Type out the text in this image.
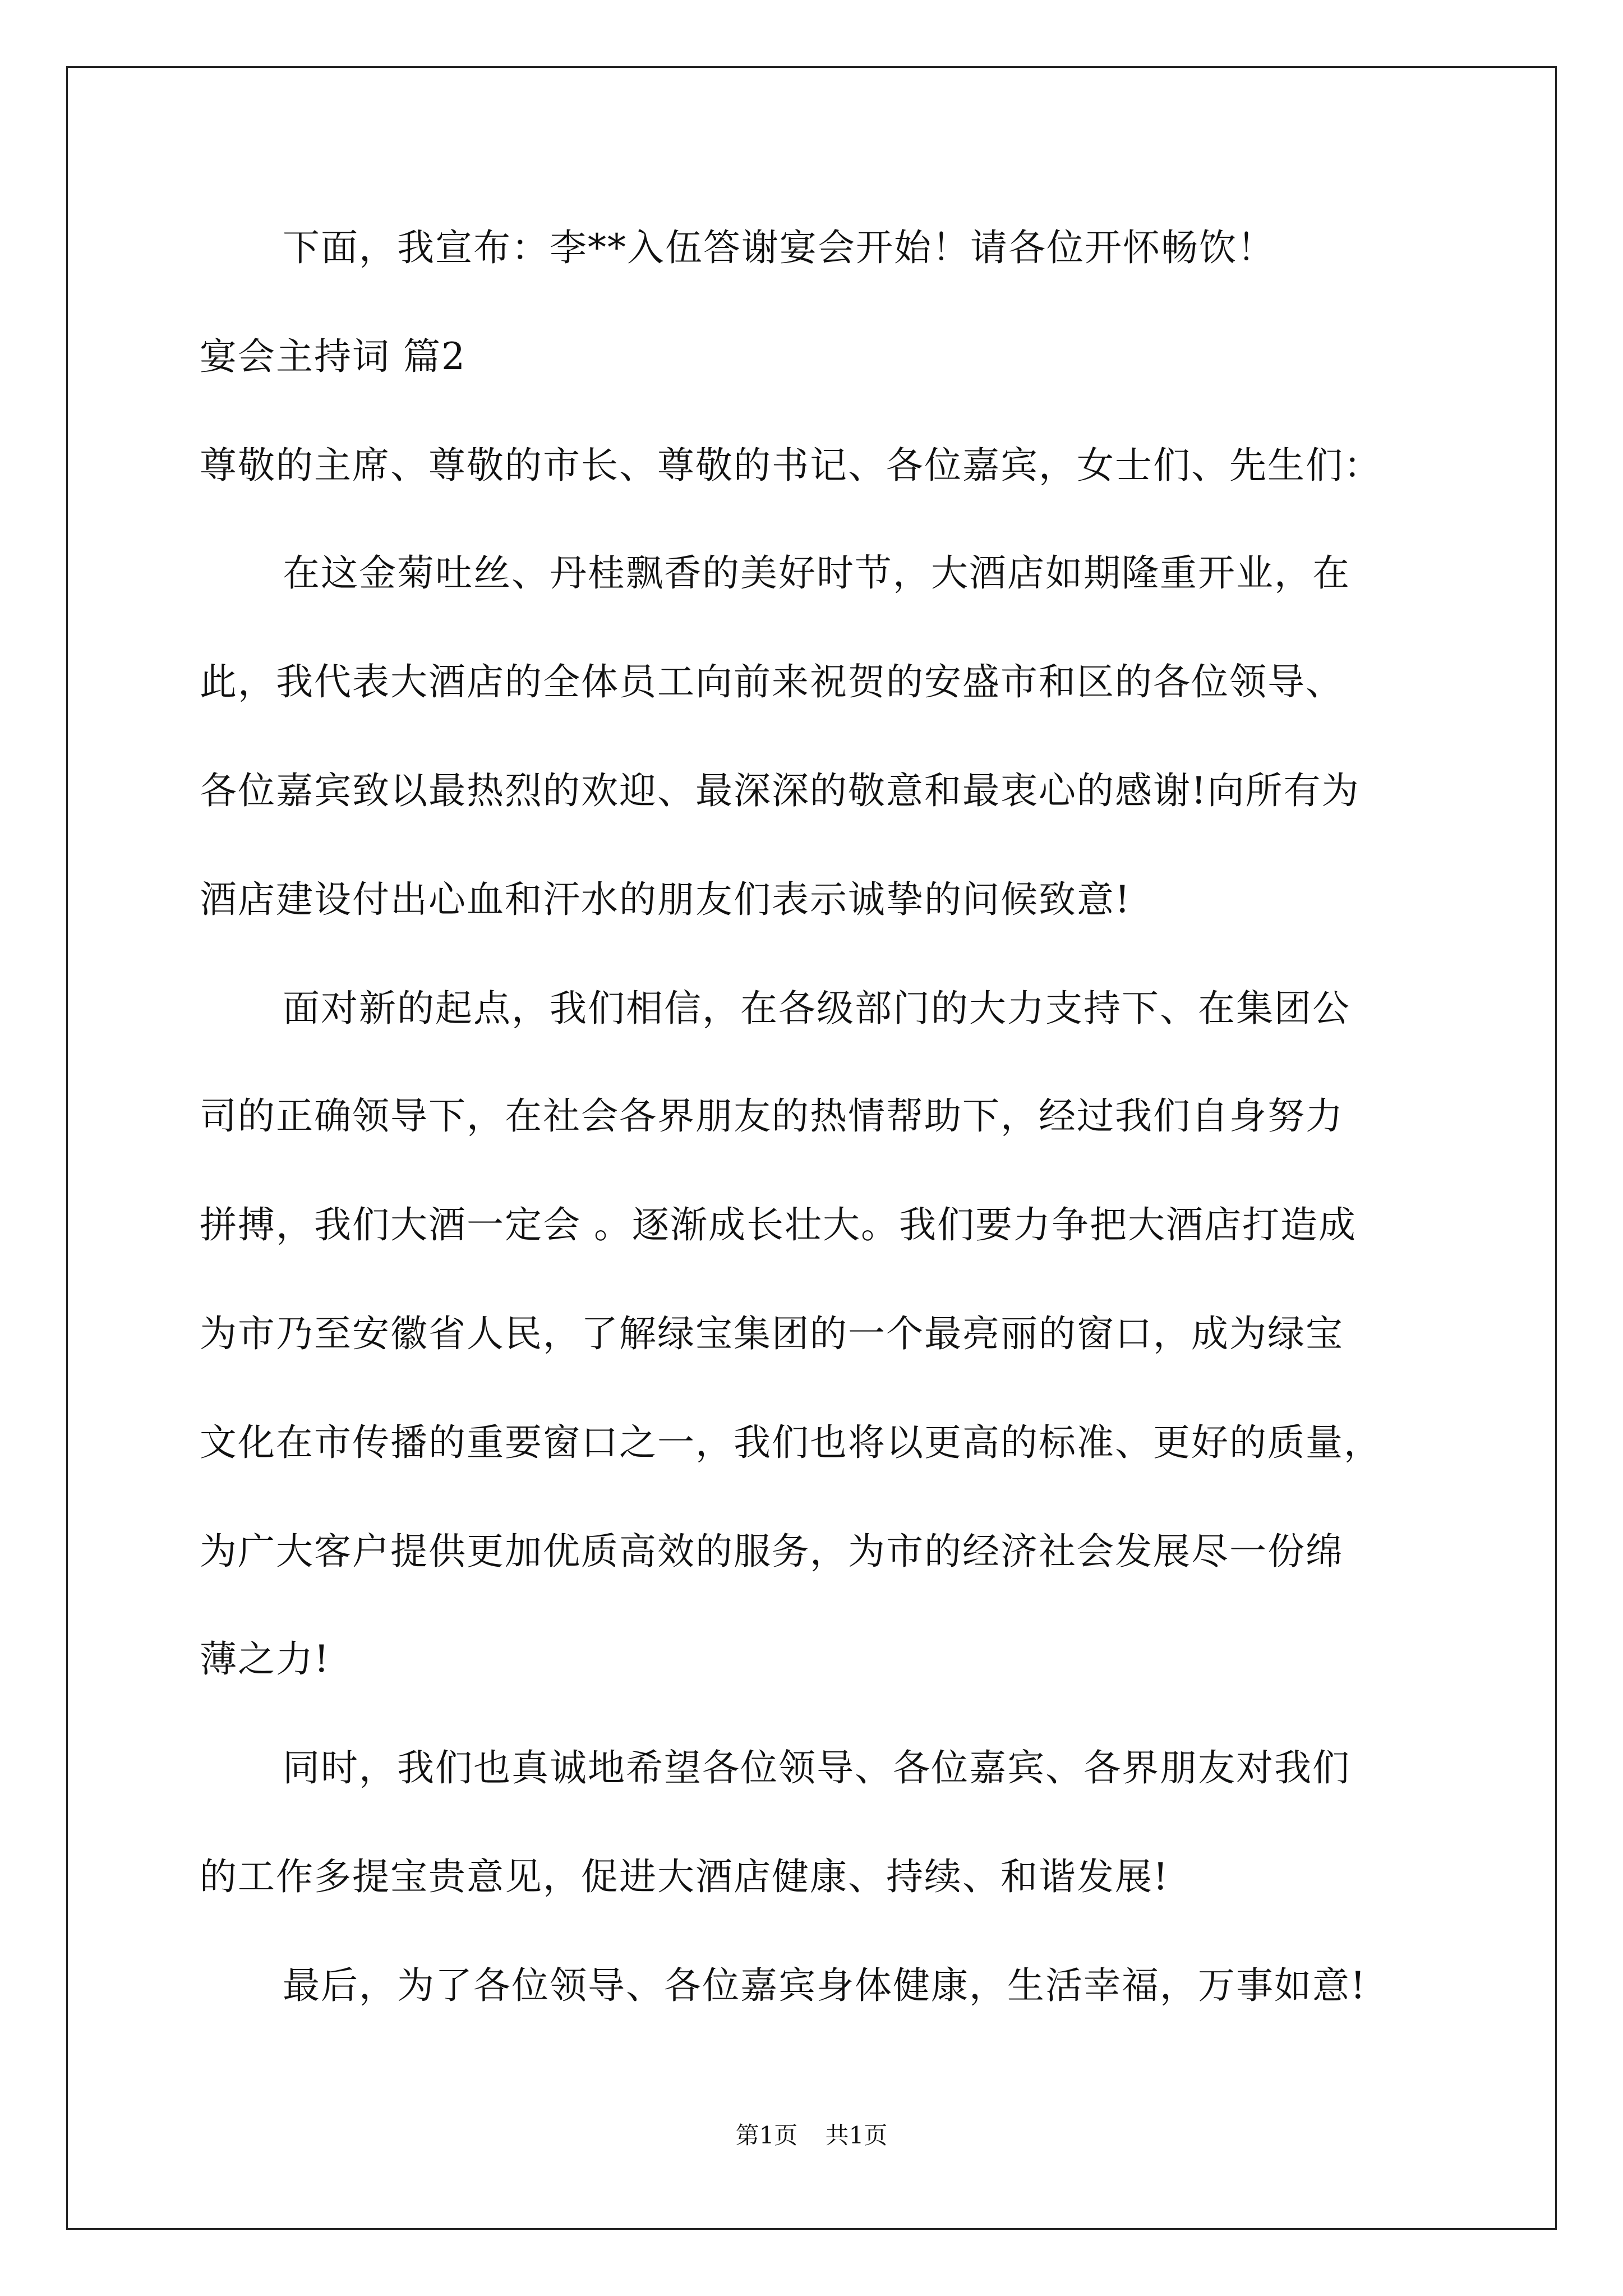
下面，我宣布：李**入伍答谢宴会开始！请各位开怀畅饮！
宴会主持词 篇2
尊敬的主席、尊敬的市长、尊敬的书记、各位嘉宾，女士们、先生们：
在这金菊吐丝、丹桂飘香的美好时节，大酒店如期隆重开业，在
此，我代表大酒店的全体员工向前来祝贺的安盛市和区的各位领导、
各位嘉宾致以最热烈的欢迎、最深深的敬意和最衷心的感谢!向所有为
酒店建设付出心血和汗水的朋友们表示诚挚的问候致意!
面对新的起点，我们相信，在各级部门的大力支持下、在集团公
司的正确领导下，在社会各界朋友的热情帮助下，经过我们自身努力
拼搏，我们大酒一定会 。逐渐成长壮大。我们要力争把大酒店打造成
为市乃至安徽省人民，了解绿宝集团的一个最亮丽的窗口，成为绿宝
文化在市传播的重要窗口之一，我们也将以更高的标准、更好的质量，
为广大客户提供更加优质高效的服务，为市的经济社会发展尽一份绵
薄之力!
同时，我们也真诚地希望各位领导、各位嘉宾、各界朋友对我们
的工作多提宝贵意见，促进大酒店健康、持续、和谐发展!
最后，为了各位领导、各位嘉宾身体健康，生活幸福，万事如意!
第1页 共1页
